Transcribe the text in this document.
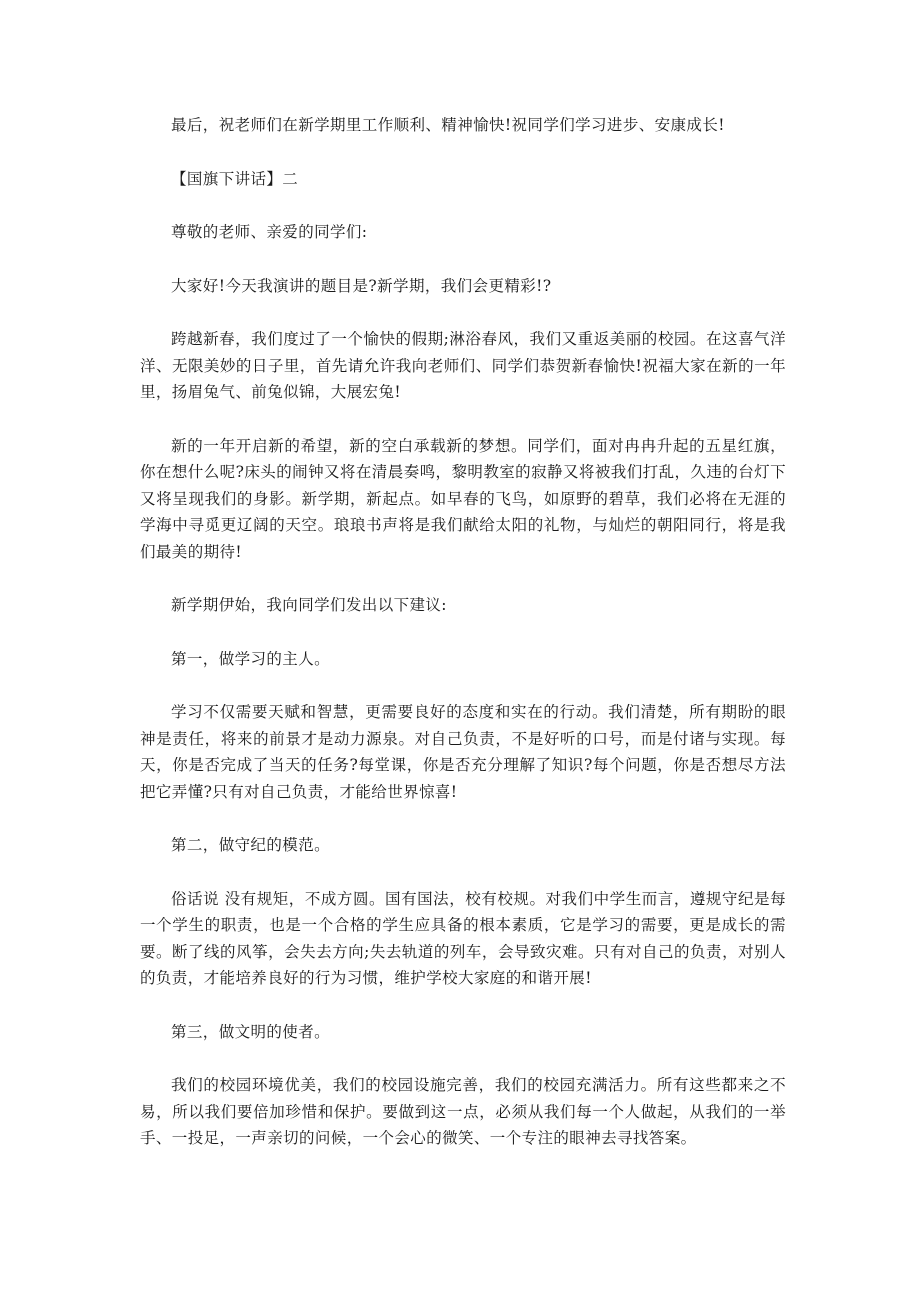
最后，祝老师们在新学期里工作顺利、精神愉快!祝同学们学习进步、安康成长!

【国旗下讲话】二

尊敬的老师、亲爱的同学们:

大家好!今天我演讲的题目是?新学期，我们会更精彩!?

跨越新春，我们度过了一个愉快的假期;淋浴春风，我们又重返美丽的校园。在这喜气洋洋、无限美妙的日子里，首先请允许我向老师们、同学们恭贺新春愉快!祝福大家在新的一年里，扬眉兔气、前兔似锦，大展宏兔!

新的一年开启新的希望，新的空白承载新的梦想。同学们，面对冉冉升起的五星红旗，你在想什么呢?床头的闹钟又将在清晨奏鸣，黎明教室的寂静又将被我们打乱，久违的台灯下又将呈现我们的身影。新学期，新起点。如早春的飞鸟，如原野的碧草，我们必将在无涯的学海中寻觅更辽阔的天空。琅琅书声将是我们献给太阳的礼物，与灿烂的朝阳同行，将是我们最美的期待!

新学期伊始，我向同学们发出以下建议:

第一，做学习的主人。

学习不仅需要天赋和智慧，更需要良好的态度和实在的行动。我们清楚，所有期盼的眼神是责任，将来的前景才是动力源泉。对自己负责，不是好听的口号，而是付诸与实现。每天，你是否完成了当天的任务?每堂课，你是否充分理解了知识?每个问题，你是否想尽方法把它弄懂?只有对自己负责，才能给世界惊喜!

第二，做守纪的模范。

俗话说 没有规矩，不成方圆。国有国法，校有校规。对我们中学生而言，遵规守纪是每一个学生的职责，也是一个合格的学生应具备的根本素质，它是学习的需要，更是成长的需要。断了线的风筝，会失去方向;失去轨道的列车，会导致灾难。只有对自己的负责，对别人的负责，才能培养良好的行为习惯，维护学校大家庭的和谐开展!

第三，做文明的使者。

我们的校园环境优美，我们的校园设施完善，我们的校园充满活力。所有这些都来之不易，所以我们要倍加珍惜和保护。要做到这一点，必须从我们每一个人做起，从我们的一举手、一投足，一声亲切的问候，一个会心的微笑、一个专注的眼神去寻找答案。
